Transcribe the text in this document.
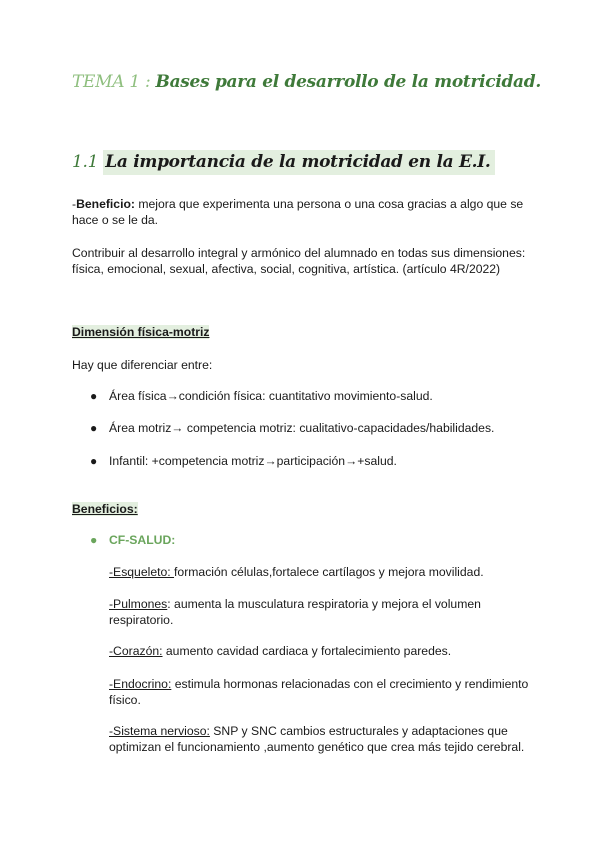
TEMA 1 : Bases para el desarrollo de la motricidad.
1.1 La importancia de la motricidad en la E.I.

-Beneficio: mejora que experimenta una persona o una cosa gracias a algo que se hace o se le da.

Contribuir al desarrollo integral y armónico del alumnado en todas sus dimensiones: física, emocional, sexual, afectiva, social, cognitiva, artística. (artículo 4R/2022)

Dimensión física-motriz

Hay que diferenciar entre:

● Área física→condición física: cuantitativo movimiento-salud.
● Área motriz→ competencia motriz: cualitativo-capacidades/habilidades.
● Infantil: +competencia motriz→participación→+salud.
Beneficios:
● CF-SALUD:

-Esqueleto: formación células,fortalece cartílagos y mejora movilidad.

-Pulmones: aumenta la musculatura respiratoria y mejora el volumen respiratorio.

-Corazón: aumento cavidad cardiaca y fortalecimiento paredes.

-Endocrino: estimula hormonas relacionadas con el crecimiento y rendimiento físico.

-Sistema nervioso: SNP y SNC cambios estructurales y adaptaciones que optimizan el funcionamiento ,aumento genético que crea más tejido cerebral.
